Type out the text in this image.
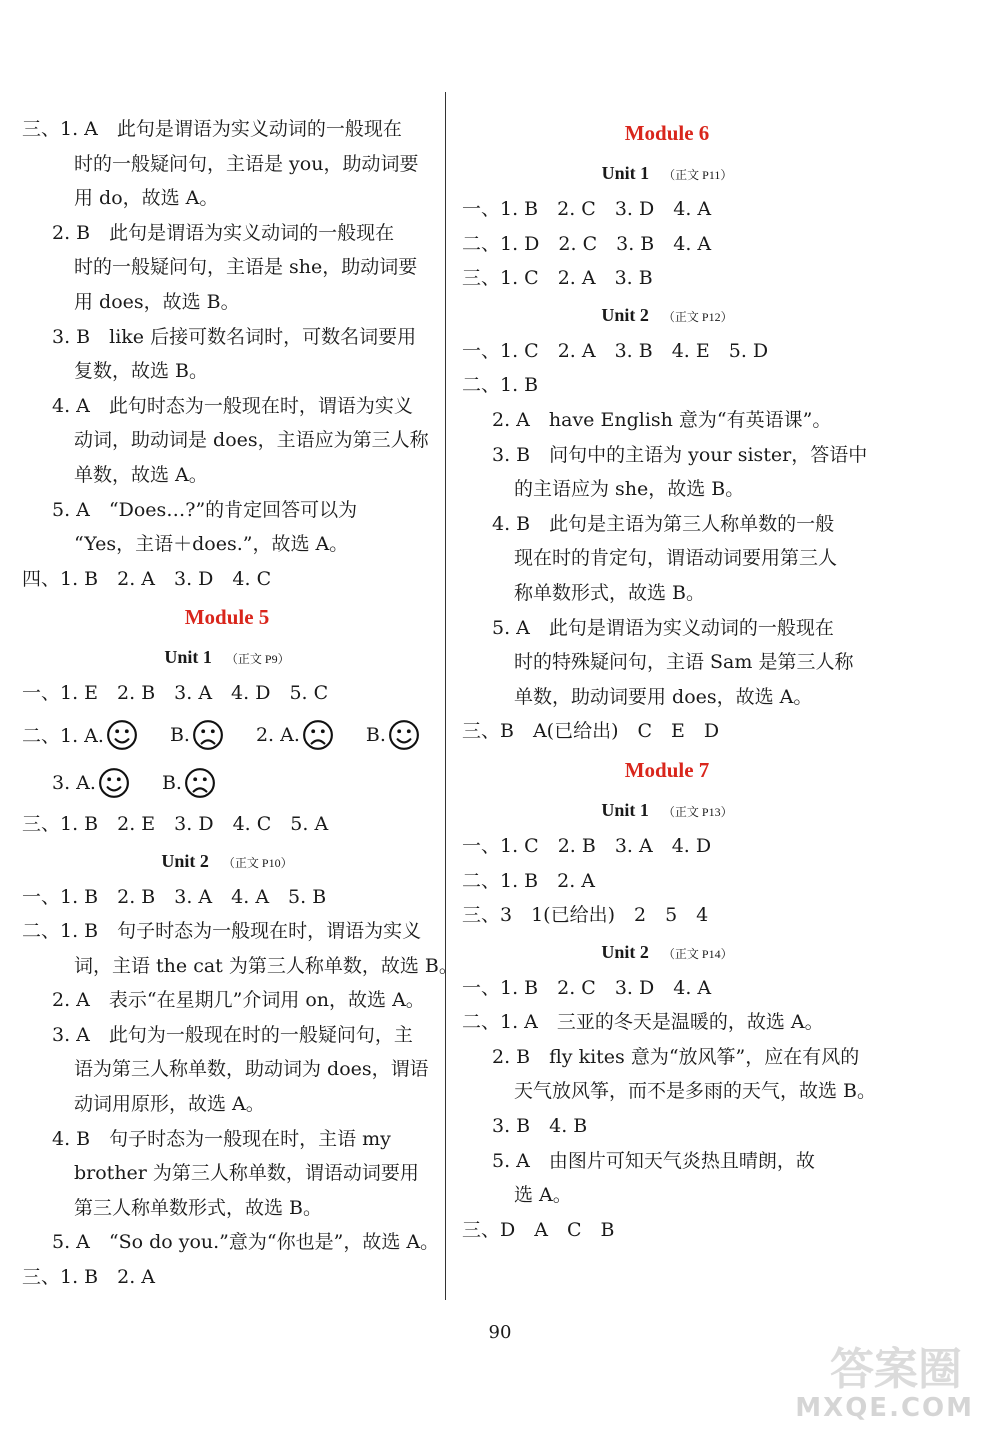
三、1. A　此句是谓语为实义动词的一般现在
时的一般疑问句，主语是 you，助动词要
用 do，故选 A。
2. B　此句是谓语为实义动词的一般现在
时的一般疑问句，主语是 she，助动词要
用 does，故选 B。
3. B　like 后接可数名词时，可数名词要用
复数，故选 B。
4. A　此句时态为一般现在时，谓语为实义
动词，助动词是 does，主语应为第三人称
单数，故选 A。
5. A　“Does…?”的肯定回答可以为
“Yes，主语＋does.”，故选 A。
四、1. B　2. A　3. D　4. C
Module 5
Unit 1 （正文 P9）
一、1. E　2. B　3. A　4. D　5. C
二、1. A.	B.	2. A.	B.
3. A.	B.
三、1. B　2. E　3. D　4. C　5. A
Unit 2 （正文 P10）
一、1. B　2. B　3. A　4. A　5. B
二、1. B　句子时态为一般现在时，谓语为实义
词，主语 the cat 为第三人称单数，故选 B。
2. A　表示“在星期几”介词用 on，故选 A。
3. A　此句为一般现在时的一般疑问句，主
语为第三人称单数，助动词为 does，谓语
动词用原形，故选 A。
4. B　句子时态为一般现在时，主语 my
brother 为第三人称单数，谓语动词要用
第三人称单数形式，故选 B。
5. A　“So do you.”意为“你也是”，故选 A。
三、1. B　2. A
Module 6
Unit 1 （正文 P11）
一、1. B　2. C　3. D　4. A
二、1. D　2. C　3. B　4. A
三、1. C　2. A　3. B
Unit 2 （正文 P12）
一、1. C　2. A　3. B　4. E　5. D
二、1. B
2. A　have English 意为“有英语课”。
3. B　问句中的主语为 your sister，答语中
的主语应为 she，故选 B。
4. B　此句是主语为第三人称单数的一般
现在时的肯定句，谓语动词要用第三人
称单数形式，故选 B。
5. A　此句是谓语为实义动词的一般现在
时的特殊疑问句，主语 Sam 是第三人称
单数，助动词要用 does，故选 A。
三、B　A(已给出)　C　E　D
Module 7
Unit 1 （正文 P13）
一、1. C　2. B　3. A　4. D
二、1. B　2. A
三、3　1(已给出)　2　5　4
Unit 2 （正文 P14）
一、1. B　2. C　3. D　4. A
二、1. A　三亚的冬天是温暖的，故选 A。
2. B　fly kites 意为“放风筝”，应在有风的
天气放风筝，而不是多雨的天气，故选 B。
3. B　4. B
5. A　由图片可知天气炎热且晴朗，故
选 A。
三、D　A　C　B
90
答案圈
MXQE.COM
